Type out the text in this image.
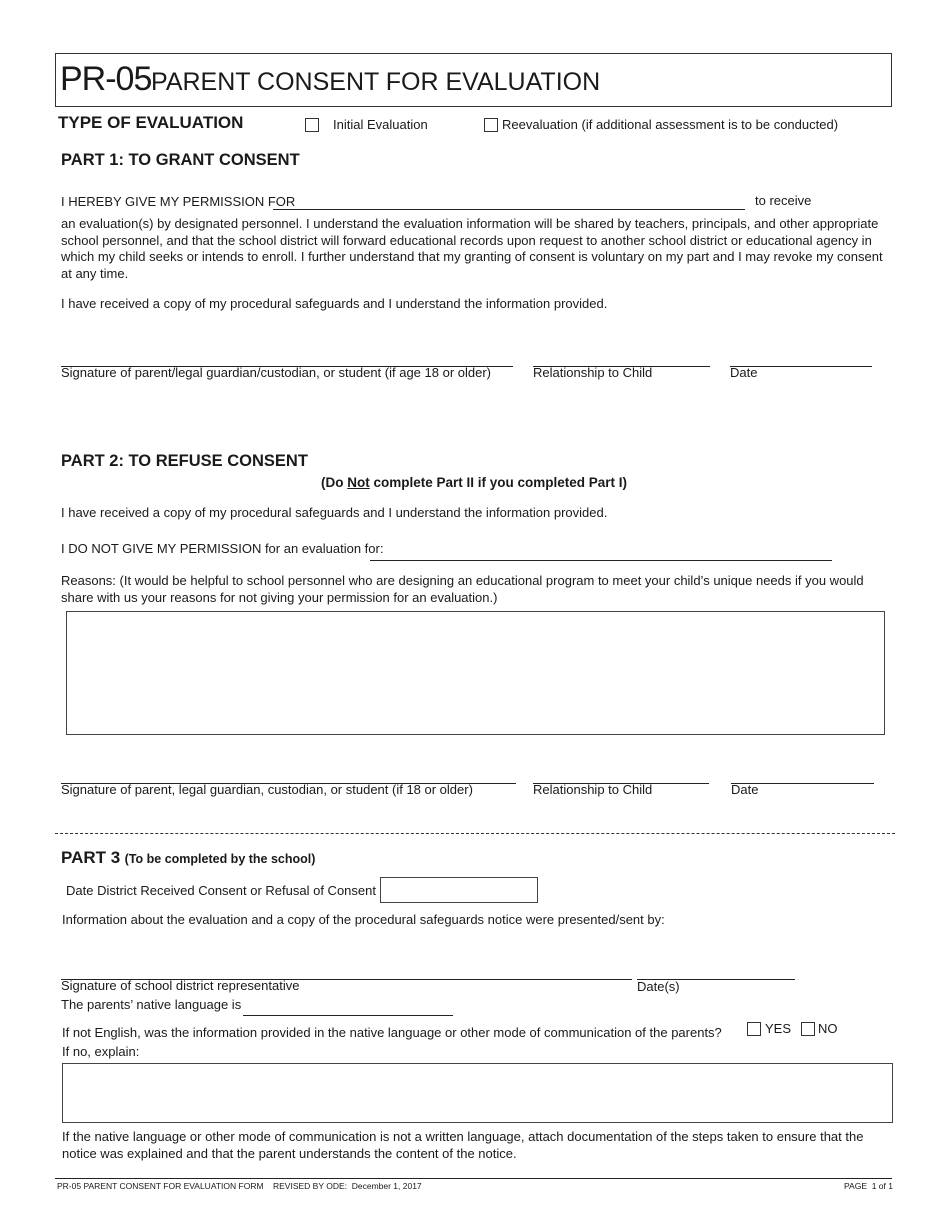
PR-05 PARENT CONSENT FOR EVALUATION
TYPE OF EVALUATION	Initial Evaluation	Reevaluation (if additional assessment is to be conducted)
PART 1: TO GRANT CONSENT
I HEREBY GIVE MY PERMISSION FOR	to receive
an evaluation(s) by designated personnel. I understand the evaluation information will be shared by teachers, principals, and other appropriate school personnel, and that the school district will forward educational records upon request to another school district or educational agency in which my child seeks or intends to enroll. I further understand that my granting of consent is voluntary on my part and I may revoke my consent at any time.
I have received a copy of my procedural safeguards and I understand the information provided.
Signature of parent/legal guardian/custodian, or student (if age 18 or older)	Relationship to Child	Date
PART 2: TO REFUSE CONSENT
(Do Not complete Part II if you completed Part I)
I have received a copy of my procedural safeguards and I understand the information provided.
I DO NOT GIVE MY PERMISSION for an evaluation for:
Reasons: (It would be helpful to school personnel who are designing an educational program to meet your child’s unique needs if you would share with us your reasons for not giving your permission for an evaluation.)
Signature of parent, legal guardian, custodian, or student (if 18 or older)	Relationship to Child	Date
PART 3 (To be completed by the school)
Date District Received Consent or Refusal of Consent
Information about the evaluation and a copy of the procedural safeguards notice were presented/sent by:
Signature of school district representative	Date(s)
The parents’ native language is
If not English, was the information provided in the native language or other mode of communication of the parents?	YES NO
If no, explain:
If the native language or other mode of communication is not a written language, attach documentation of the steps taken to ensure that the notice was explained and that the parent understands the content of the notice.
PR-05 PARENT CONSENT FOR EVALUATION FORM    REVISED BY ODE:  December 1, 2017	PAGE  1 of 1
